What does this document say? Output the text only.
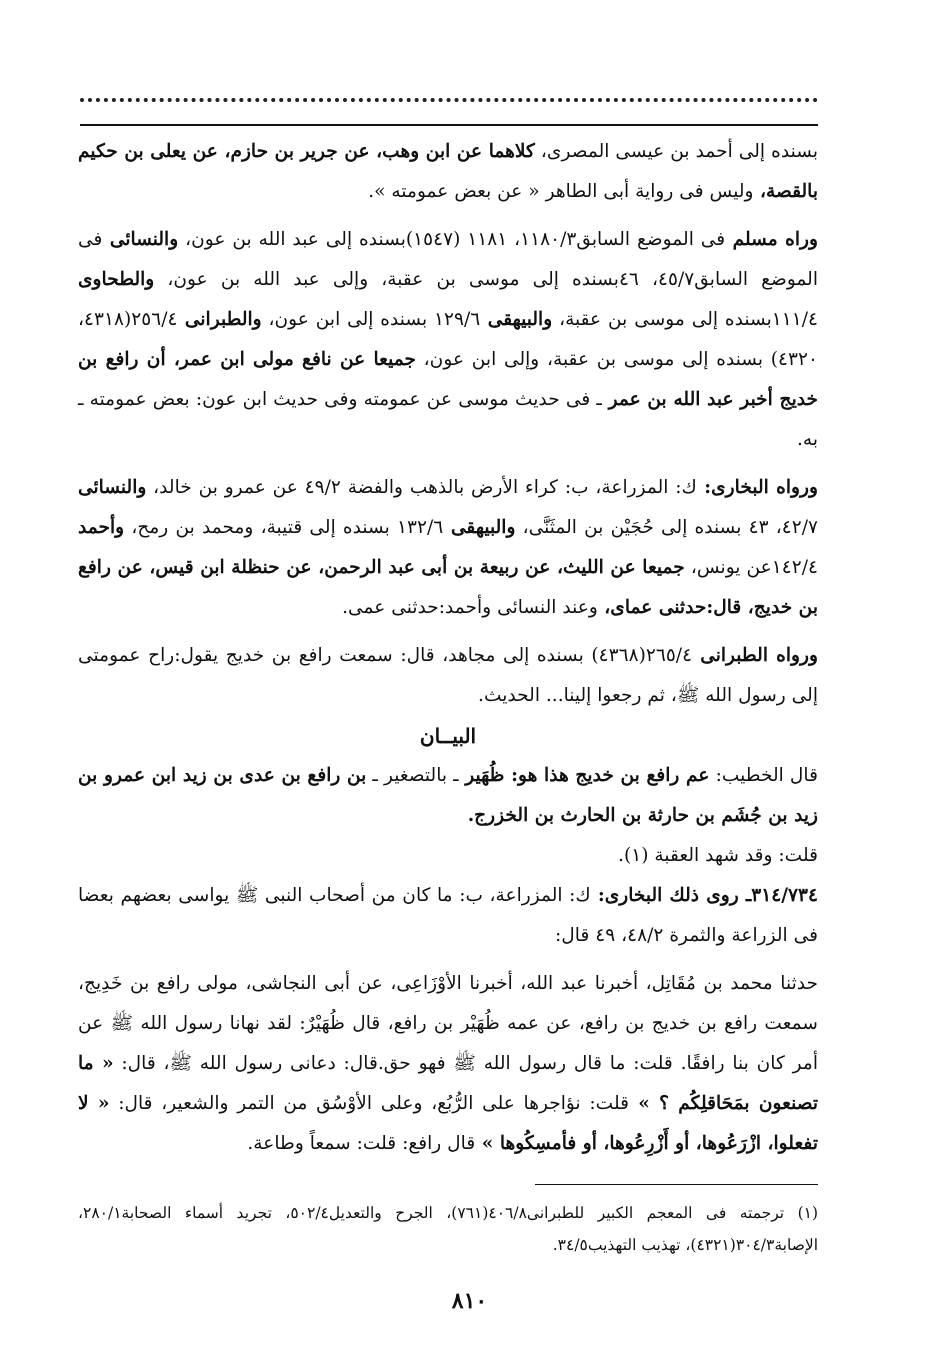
بسنده إلى أحمد بن عيسى المصرى، كلاهما عن ابن وهب، عن جرير بن حازم، عن يعلى بن حكيم بالقصة، وليس فى رواية أبى الطاهر « عن بعض عمومته ».

وراه مسلم فى الموضع السابق١١٨٠/٣، ١١٨١ (١٥٤٧)بسنده إلى عبد الله بن عون، والنسائى فى الموضع السابق٤٥/٧، ٤٦بسنده إلى موسى بن عقبة، وإلى عبد الله بن عون، والطحاوى ١١١/٤بسنده إلى موسى بن عقبة، والبيهقى ١٢٩/٦ بسنده إلى ابن عون، والطبرانى ٢٥٦/٤(٤٣١٨، ٤٣٢٠) بسنده إلى موسى بن عقبة، وإلى ابن عون، جميعا عن نافع مولى ابن عمر، أن رافع بن خديج أخبر عبد الله بن عمر ـ فى حديث موسى عن عمومته وفى حديث ابن عون: بعض عمومته ـ به.

ورواه البخارى: ك: المزراعة، ب: كراء الأرض بالذهب والفضة ٤٩/٢ عن عمرو بن خالد، والنسائى ٤٢/٧، ٤٣ بسنده إلى حُجَيْن بن المثَنَّى، والبيهقى ١٣٢/٦ بسنده إلى قتيبة، ومحمد بن رمح، وأحمد ١٤٢/٤عن يونس، جميعا عن الليث، عن ربيعة بن أبى عبد الرحمن، عن حنظلة ابن قيس، عن رافع بن خديج، قال:حدثنى عماى، وعند النسائى وأحمد:حدثنى عمى.

ورواه الطبرانى ٢٦٥/٤(٤٣٦٨) بسنده إلى مجاهد، قال: سمعت رافع بن خديج يقول:راح عمومتى إلى رسول الله ﷺ، ثم رجعوا إلينا... الحديث.

البيــان

قال الخطيب: عم رافع بن خديج هذا هو: ظُهَير ـ بالتصغير ـ بن رافع بن عدى بن زيد ابن عمرو بن زيد بن جُشَم بن حارثة بن الحارث بن الخزرج.

قلت: وقد شهد العقبة (١).

٣١٤/٧٣٤ـ روى ذلك البخارى: ك: المزراعة، ب: ما كان من أصحاب النبى ﷺ يواسى بعضهم بعضا فى الزراعة والثمرة ٤٨/٢، ٤٩ قال:

حدثنا محمد بن مُقَاتِل، أخبرنا عبد الله، أخبرنا الأوْزَاعِى، عن أبى النجاشى، مولى رافع بن خَدِيج، سمعت رافع بن خديج بن رافع، عن عمه ظُهَيْر بن رافع، قال ظُهَيْرٌ: لقد نهانا رسول الله ﷺ عن أمر كان بنا رافقًا. قلت: ما قال رسول الله ﷺ فهو حق.قال: دعانى رسول الله ﷺ، قال: « ما تصنعون بمَحَاقلِكُم ؟ » قلت: نؤاجرها على الرُّبُع، وعلى الأوْسُق من التمر والشعير، قال: « لا تفعلوا، ازْرَعُوها، أو أَزْرِعُوها، أو فأمسِكُوها » قال رافع: قلت: سمعاً وطاعة.

(١) ترجمته فى المعجم الكبير للطبرانى٤٠٦/٨(٧٦١)، الجرح والتعديل٥٠٢/٤، تجريد أسماء الصحابة٢٨٠/١، الإصابة٣٠٤/٣(٤٣٢١)، تهذيب التهذيب٣٤/٥.

٨١٠
